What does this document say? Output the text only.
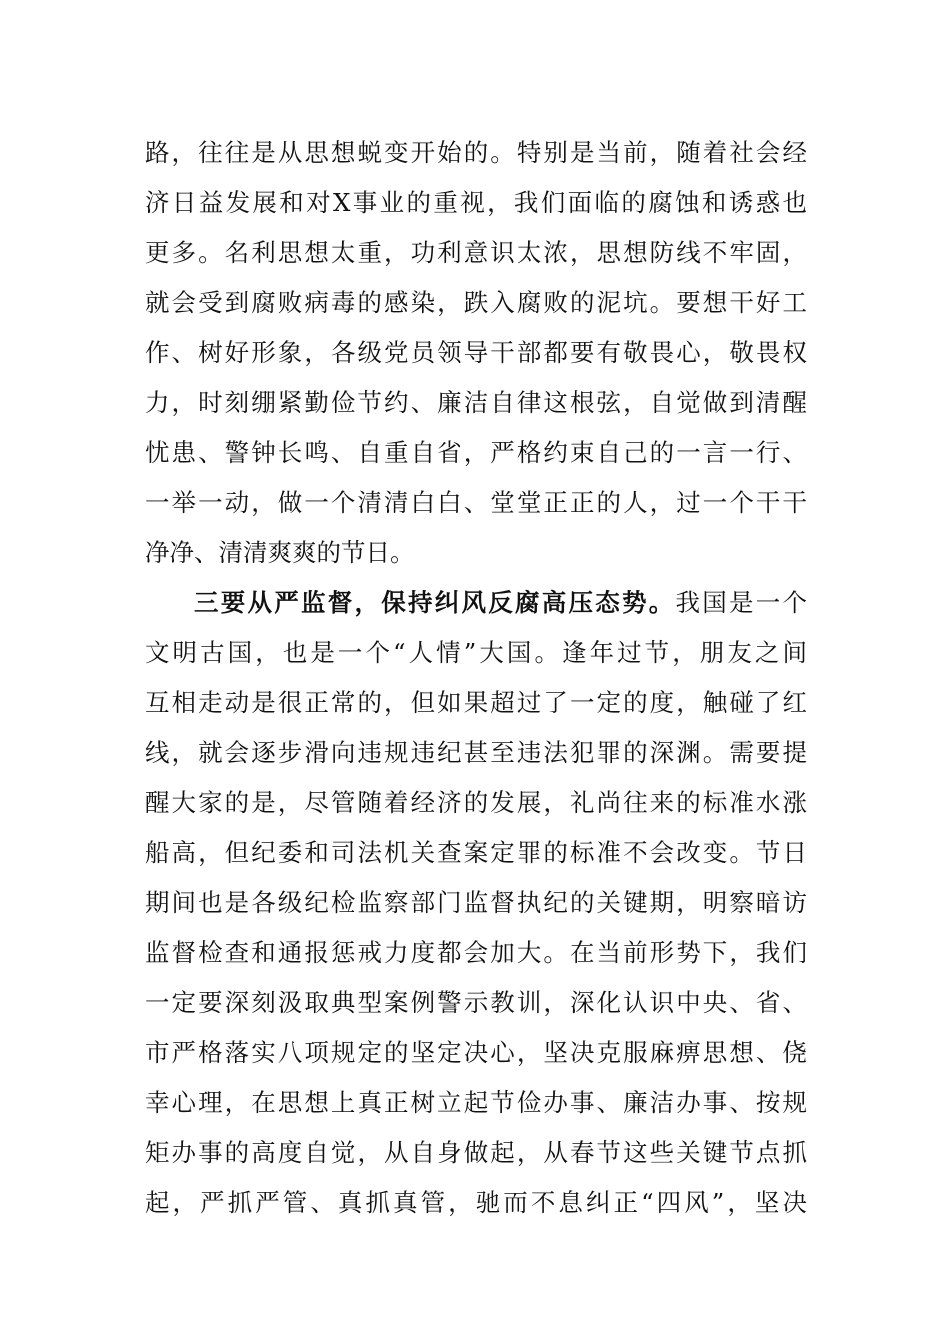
路，往往是从思想蜕变开始的。特别是当前，随着社会经
济日益发展和对X事业的重视，我们面临的腐蚀和诱惑也
更多。名利思想太重，功利意识太浓，思想防线不牢固，
就会受到腐败病毒的感染，跌入腐败的泥坑。要想干好工
作、树好形象，各级党员领导干部都要有敬畏心，敬畏权
力，时刻绷紧勤俭节约、廉洁自律这根弦，自觉做到清醒
忧患、警钟长鸣、自重自省，严格约束自己的一言一行、
一举一动，做一个清清白白、堂堂正正的人，过一个干干
净净、清清爽爽的节日。
三要从严监督，保持纠风反腐高压态势。我国是一个
文明古国，也是一个“人情”大国。逢年过节，朋友之间
互相走动是很正常的，但如果超过了一定的度，触碰了红
线，就会逐步滑向违规违纪甚至违法犯罪的深渊。需要提
醒大家的是，尽管随着经济的发展，礼尚往来的标准水涨
船高，但纪委和司法机关查案定罪的标准不会改变。节日
期间也是各级纪检监察部门监督执纪的关键期，明察暗访
监督检查和通报惩戒力度都会加大。在当前形势下，我们
一定要深刻汲取典型案例警示教训，深化认识中央、省、
市严格落实八项规定的坚定决心，坚决克服麻痹思想、侥
幸心理，在思想上真正树立起节俭办事、廉洁办事、按规
矩办事的高度自觉，从自身做起，从春节这些关键节点抓
起，严抓严管、真抓真管，驰而不息纠正“四风”，坚决
